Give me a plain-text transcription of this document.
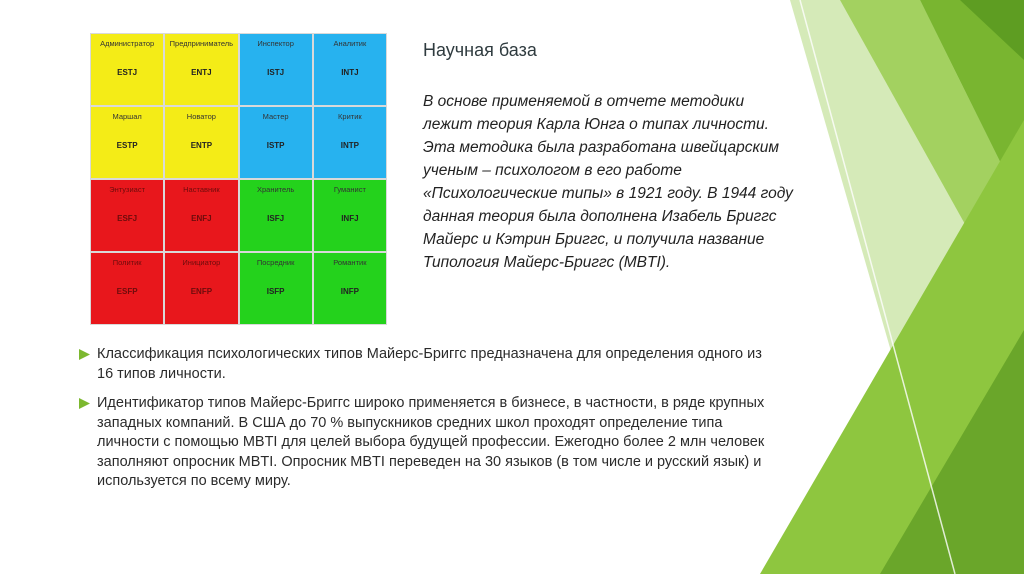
Администратор
ESTJ
Предприниматель
ENTJ
Инспектор
ISTJ
Аналитик
INTJ
Маршал
ESTP
Новатор
ENTP
Мастер
ISTP
Критик
INTP
Энтузиаст
ESFJ
Наставник
ENFJ
Хранитель
ISFJ
Гуманист
INFJ
Политик
ESFP
Инициатор
ENFP
Посредник
ISFP
Романтик
INFP
Научная база

В основе применяемой в отчете методики лежит теория Карла Юнга о типах личности. Эта методика была разработана швейцарским ученым – психологом в его работе «Психологические типы» в 1921 году. В 1944 году данная теория была дополнена Изабель Бриггс Майерс и Кэтрин Бриггс, и получила название Типология Майерс-Бриггс (MBTI).

Классификация психологических типов Майерс-Бриггс предназначена для определения одного из 16 типов личности.

Идентификатор типов Майерс-Бриггс широко применяется в бизнесе, в частности, в ряде крупных западных компаний. В США до 70 % выпускников средних школ проходят определение типа личности с помощью MBTI для целей выбора будущей профессии. Ежегодно более 2 млн человек заполняют опросник MBTI. Опросник MBTI переведен на 30 языков (в том числе и русский язык) и используется по всему миру.
